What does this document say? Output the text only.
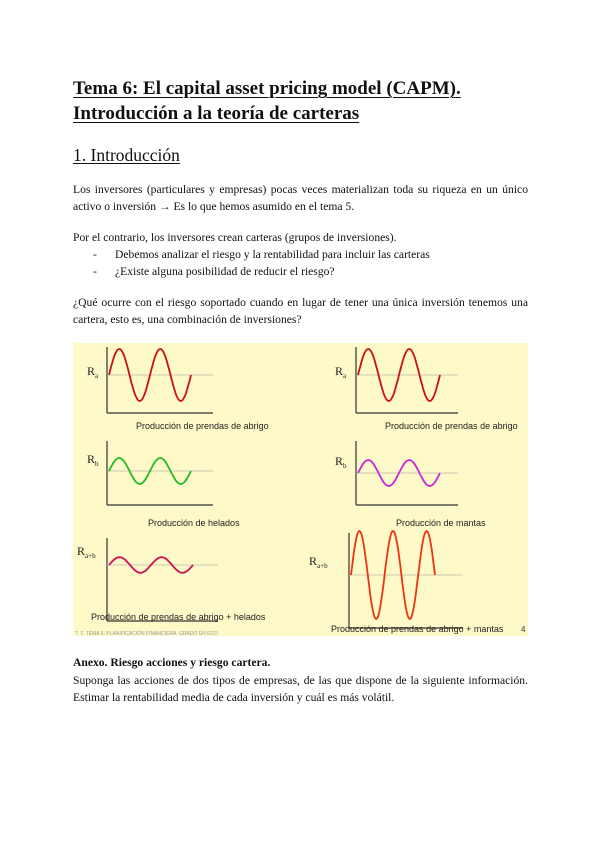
Tema 6: El capital asset pricing model (CAPM).
Introducción a la teoría de carteras
1. Introducción

Los inversores (particulares y empresas) pocas veces materializan toda su riqueza en un único activo o inversión → Es lo que hemos asumido en el tema 5.

Por el contrario, los inversores crean carteras (grupos de inversiones).

- Debemos analizar el riesgo y la rentabilidad para incluir las carteras
- ¿Existe alguna posibilidad de reducir el riesgo?

¿Qué ocurre con el riesgo soportado cuando en lugar de tener una única inversión tenemos una cartera, esto es, una combinación de inversiones?

$R_a$
Producción de prendas de abrigo
$R_a$
Producción de prendas de abrigo
$R_b$
Producción de helados
$R_b$
Producción de mantas
$R_{a+b}$
Producción de prendas de abrigo + helados
$R_{a+b}$
Producción de prendas de abrigo + mantas
T. 7. TEMA 6. PLANIFICACIÓN FINANCIERA. GRADO EN ECO	4

Anexo. Riesgo acciones y riesgo cartera.

Suponga las acciones de dos tipos de empresas, de las que dispone de la siguiente información. Estimar la rentabilidad media de cada inversión y cuál es más volátil.
